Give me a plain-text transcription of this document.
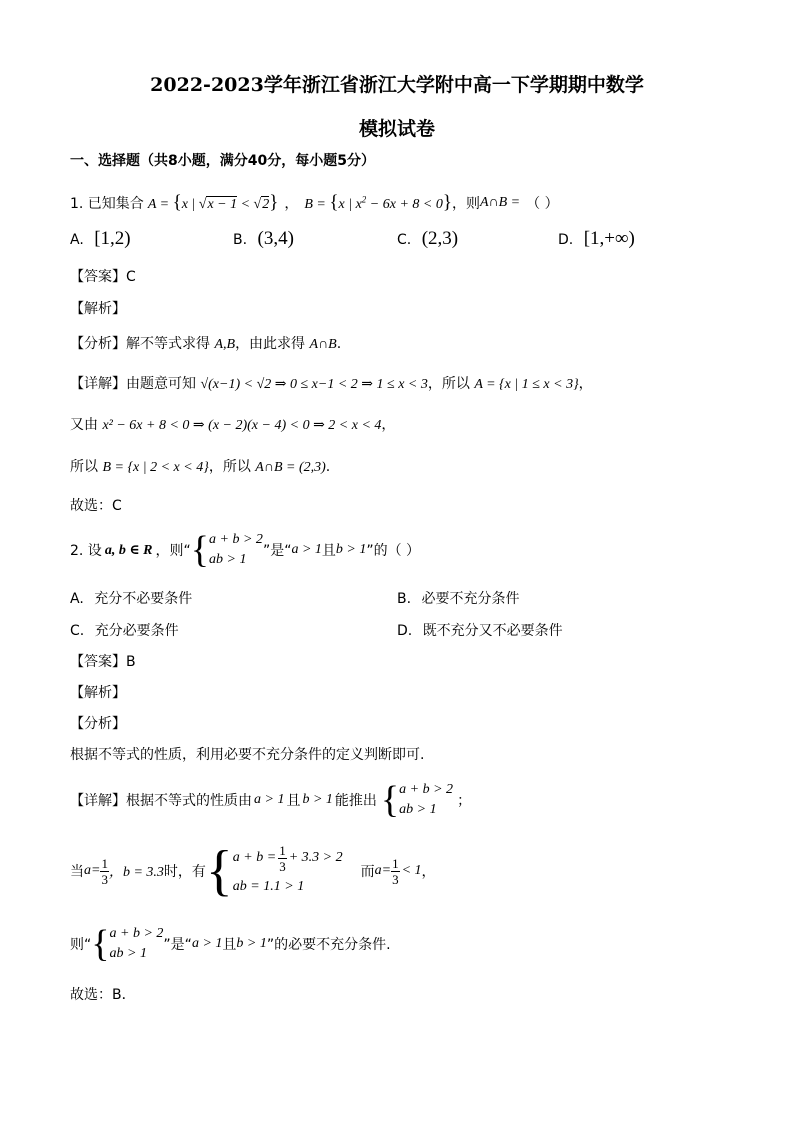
2022-2023学年浙江省浙江大学附中高一下学期期中数学
模拟试卷
一、选择题（共8小题，满分40分，每小题5分）
1. 已知集合 A = {x | √x − 1 < √2} ， B = {x | $x^2 - 6x + 8 < 0$} ，则 A∩B = （ ）
A. [1,2)	B. (3,4)	C. (2,3)	D. [1,+∞)
【答案】C
【解析】
【分析】解不等式求得 A,B，由此求得 A∩B.
【详解】由题意可知 √(x−1) < √2 ⇒ 0 ≤ x−1 < 2 ⇒ 1 ≤ x < 3，所以 A = {x | 1 ≤ x < 3}，
又由 x² − 6x + 8 < 0 ⇒ (x − 2)(x − 4) < 0 ⇒ 2 < x < 4，
所以 B = {x | 2 < x < 4}，所以 A∩B = (2,3).
故选：C
2. 设 a, b ∈ R ，则“ { a + b > 2
ab > 1
”是“ a > 1 且 b > 1 ”的（ ）
A. 充分不必要条件	B. 必要不充分条件
C. 充分必要条件	D. 既不充分又不必要条件
【答案】B
【解析】
【分析】
根据不等式的性质，利用必要不充分条件的定义判断即可.
【详解】 根据不等式的性质由 a > 1 且 b > 1 能推出 { a + b > 2
ab > 1
；
当 $a= \frac{1}{3}$ ，b = 3.3 时，有 { $a + b = \frac{1}{3} + 3.3 > 2$
ab = 1.1 > 1
而 $a= \frac{1}{3} < 1$ ，
则“ { a + b > 2
ab > 1
”是“ a > 1 且 b > 1 ”的必要不充分条件.
故选：B．
